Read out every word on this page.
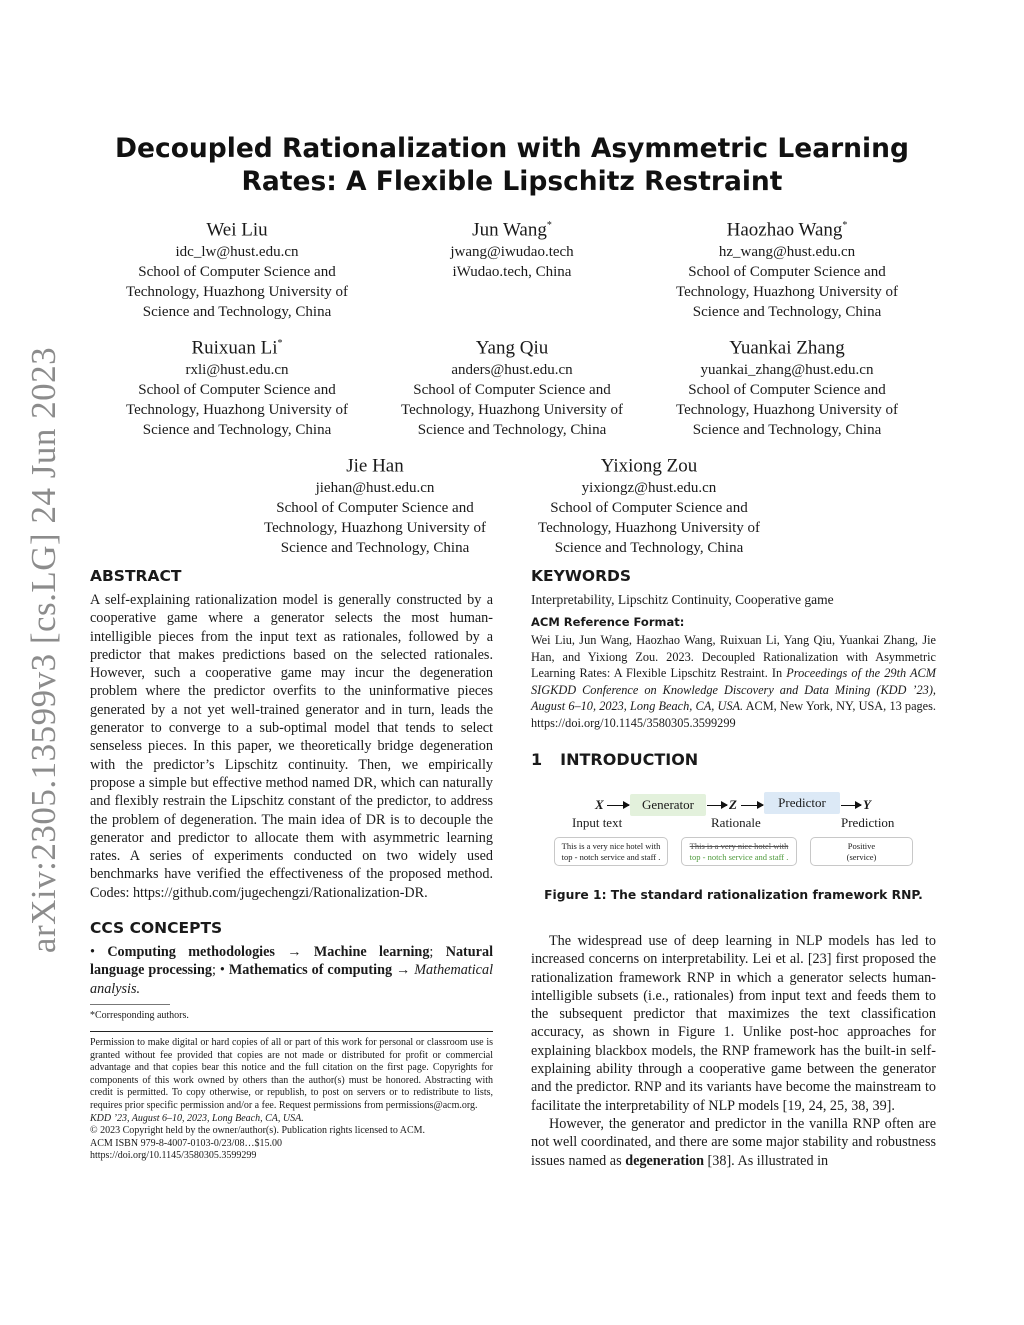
arXiv:2305.13599v3 [cs.LG] 24 Jun 2023
Decoupled Rationalization with Asymmetric Learning Rates: A Flexible Lipschitz Restraint
Wei Liu
idc_lw@hust.edu.cn
School of Computer Science and Technology, Huazhong University of Science and Technology, China
Jun Wang*
jwang@iwudao.tech
iWudao.tech, China
Haozhao Wang*
hz_wang@hust.edu.cn
School of Computer Science and Technology, Huazhong University of Science and Technology, China
Ruixuan Li*
rxli@hust.edu.cn
School of Computer Science and Technology, Huazhong University of Science and Technology, China
Yang Qiu
anders@hust.edu.cn
School of Computer Science and Technology, Huazhong University of Science and Technology, China
Yuankai Zhang
yuankai_zhang@hust.edu.cn
School of Computer Science and Technology, Huazhong University of Science and Technology, China
Jie Han
jiehan@hust.edu.cn
School of Computer Science and Technology, Huazhong University of Science and Technology, China
Yixiong Zou
yixiongz@hust.edu.cn
School of Computer Science and Technology, Huazhong University of Science and Technology, China
ABSTRACT

A self-explaining rationalization model is generally constructed by a cooperative game where a generator selects the most human-intelligible pieces from the input text as rationales, followed by a predictor that makes predictions based on the selected rationales. However, such a cooperative game may incur the degeneration problem where the predictor overfits to the uninformative pieces generated by a not yet well-trained generator and in turn, leads the generator to converge to a sub-optimal model that tends to select senseless pieces. In this paper, we theoretically bridge degeneration with the predictor’s Lipschitz continuity. Then, we empirically propose a simple but effective method named DR, which can naturally and flexibly restrain the Lipschitz constant of the predictor, to address the problem of degeneration. The main idea of DR is to decouple the generator and predictor to allocate them with asymmetric learning rates. A series of experiments conducted on two widely used benchmarks have verified the effectiveness of the proposed method. Codes: https://github.com/jugechengzi/Rationalization-DR.

CCS CONCEPTS

• Computing methodologies → Machine learning; Natural language processing; • Mathematics of computing → Mathematical analysis.

*Corresponding authors.
Permission to make digital or hard copies of all or part of this work for personal or classroom use is granted without fee provided that copies are not made or distributed for profit or commercial advantage and that copies bear this notice and the full citation on the first page. Copyrights for components of this work owned by others than the author(s) must be honored. Abstracting with credit is permitted. To copy otherwise, or republish, to post on servers or to redistribute to lists, requires prior specific permission and/or a fee. Request permissions from permissions@acm.org.
KDD ’23, August 6–10, 2023, Long Beach, CA, USA.
© 2023 Copyright held by the owner/author(s). Publication rights licensed to ACM.
ACM ISBN 979-8-4007-0103-0/23/08…$15.00
https://doi.org/10.1145/3580305.3599299
KEYWORDS

Interpretability, Lipschitz Continuity, Cooperative game

ACM Reference Format:

Wei Liu, Jun Wang, Haozhao Wang, Ruixuan Li, Yang Qiu, Yuankai Zhang, Jie Han, and Yixiong Zou. 2023. Decoupled Rationalization with Asymmetric Learning Rates: A Flexible Lipschitz Restraint. In Proceedings of the 29th ACM SIGKDD Conference on Knowledge Discovery and Data Mining (KDD ’23), August 6–10, 2023, Long Beach, CA, USA. ACM, New York, NY, USA, 13 pages. https://doi.org/10.1145/3580305.3599299

1 INTRODUCTION
X	Generator	Z	Predictor	Y
Input text	Rationale	Prediction
This is a very nice hotel with
top - notch service and staff .
This is a very nice hotel with
top - notch service and staff .
Positive
(service)
Figure 1: The standard rationalization framework RNP.

The widespread use of deep learning in NLP models has led to increased concerns on interpretability. Lei et al. [23] first proposed the rationalization framework RNP in which a generator selects human-intelligible subsets (i.e., rationales) from input text and feeds them to the subsequent predictor that maximizes the text classification accuracy, as shown in Figure 1. Unlike post-hoc approaches for explaining blackbox models, the RNP framework has the built-in self-explaining ability through a cooperative game between the generator and the predictor. RNP and its variants have become the mainstream to facilitate the interpretability of NLP models [19, 24, 25, 38, 39].

However, the generator and predictor in the vanilla RNP often are not well coordinated, and there are some major stability and robustness issues named as degeneration [38]. As illustrated in
